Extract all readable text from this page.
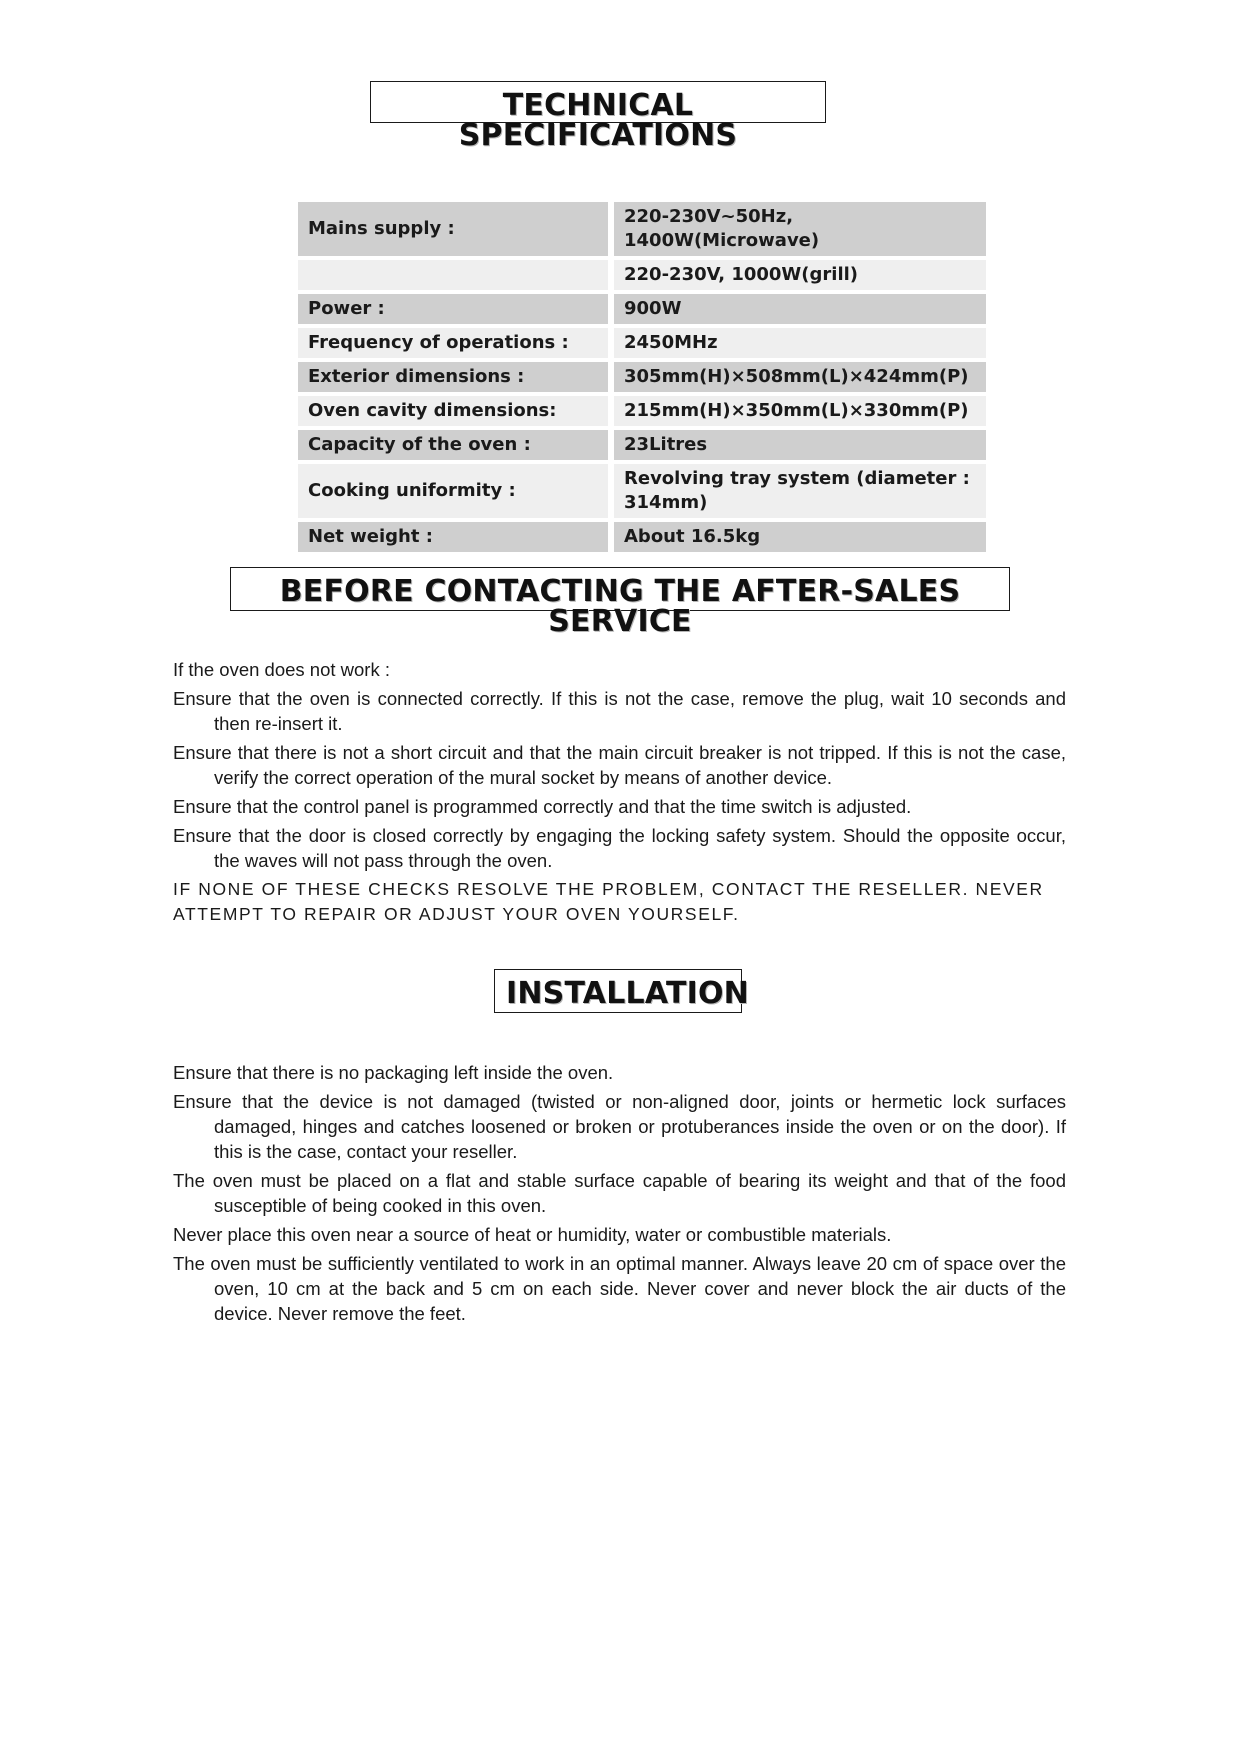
TECHNICAL SPECIFICATIONS
Mains supply :	220-230V~50Hz, 1400W(Microwave)
	220-230V, 1000W(grill)
Power :	900W
Frequency of operations :	2450MHz
Exterior dimensions :	305mm(H)×508mm(L)×424mm(P)
Oven cavity dimensions:	215mm(H)×350mm(L)×330mm(P)
Capacity of the oven :	23Litres
Cooking uniformity :	Revolving tray system (diameter : 314mm)
Net weight :	About 16.5kg
BEFORE CONTACTING THE AFTER-SALES SERVICE

If the oven does not work :

Ensure that the oven is connected correctly. If this is not the case, remove the plug, wait 10 seconds and then re-insert it.

Ensure that there is not a short circuit and that the main circuit breaker is not tripped. If this is not the case, verify the correct operation of the mural socket by means of another device.

Ensure that the control panel is programmed correctly and that the time switch is adjusted.

Ensure that the door is closed correctly by engaging the locking safety system. Should the opposite occur, the waves will not pass through the oven.

IF NONE OF THESE CHECKS RESOLVE THE PROBLEM, CONTACT THE RESELLER. NEVER ATTEMPT TO REPAIR OR ADJUST YOUR OVEN YOURSELF.

INSTALLATION

Ensure that there is no packaging left inside the oven.

Ensure that the device is not damaged (twisted or non-aligned door, joints or hermetic lock surfaces damaged, hinges and catches loosened or broken or protuberances inside the oven or on the door). If this is the case, contact your reseller.

The oven must be placed on a flat and stable surface capable of bearing its weight and that of the food susceptible of being cooked in this oven.

Never place this oven near a source of heat or humidity, water or combustible materials.

The oven must be sufficiently ventilated to work in an optimal manner. Always leave 20 cm of space over the oven, 10 cm at the back and 5 cm on each side. Never cover and never block the air ducts of the device. Never remove the feet.
